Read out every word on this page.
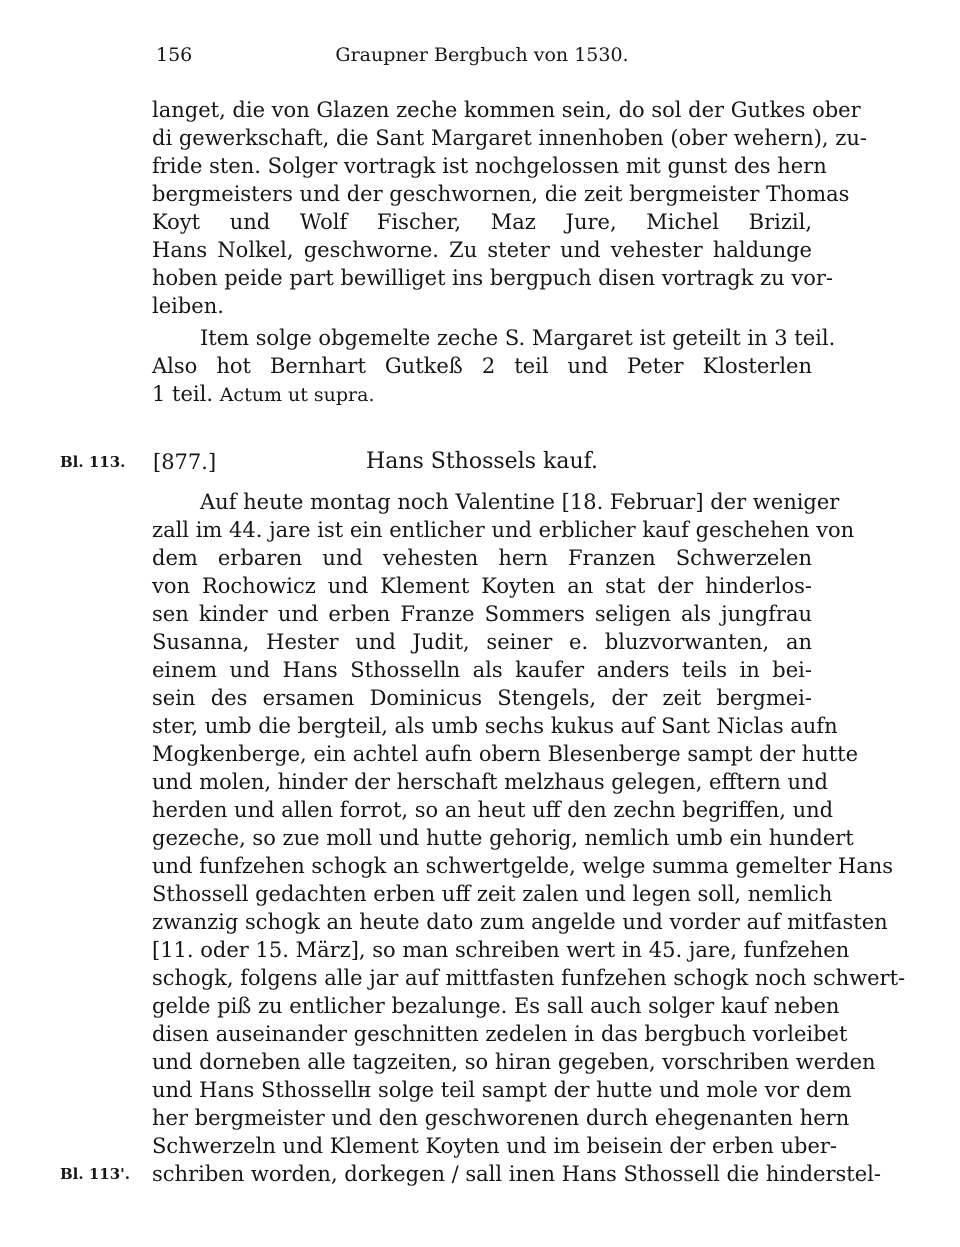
156	Graupner Bergbuch von 1530.
langet, die von Glazen zeche kommen sein, do sol der Gutkes ober
di gewerkschaft, die Sant Margaret innenhoben (ober wehern), zu-
fride sten. Solger vortragk ist nochgelossen mit gunst des hern
bergmeisters und der geschwornen, die zeit bergmeister Thomas
Koyt und Wolf Fischer, Maz Jure, Michel Brizil,
Hans Nolkel, geschworne. Zu steter und vehester haldunge
hoben peide part bewilliget ins bergpuch disen vortragk zu vor-
leiben.
Item solge obgemelte zeche S. Margaret ist geteilt in 3 teil.
Also hot Bernhart Gutkeß 2 teil und Peter Klosterlen
1 teil. Actum ut supra.
Bl. 113.	[877.]	Hans Sthossels kauf.
Auf heute montag noch Valentine [18. Februar] der weniger
zall im 44. jare ist ein entlicher und erblicher kauf geschehen von
dem erbaren und vehesten hern Franzen Schwerzelen
von Rochowicz und Klement Koyten an stat der hinderlos-
sen kinder und erben Franze Sommers seligen als jungfrau
Susanna, Hester und Judit, seiner e. bluzvorwanten, an
einem und Hans Sthosselln als kaufer anders teils in bei-
sein des ersamen Dominicus Stengels, der zeit bergmei-
ster, umb die bergteil, als umb sechs kukus auf Sant Niclas aufn
Mogkenberge, ein achtel aufn obern Blesenberge sampt der hutte
und molen, hinder der herschaft melzhaus gelegen, efftern und
herden und allen forrot, so an heut uff den zechn begriffen, und
gezeche, so zue moll und hutte gehorig, nemlich umb ein hundert
und funfzehen schogk an schwertgelde, welge summa gemelter Hans
Sthossell gedachten erben uff zeit zalen und legen soll, nemlich
zwanzig schogk an heute dato zum angelde und vorder auf mitfasten
[11. oder 15. März], so man schreiben wert in 45. jare, funfzehen
schogk, folgens alle jar auf mittfasten funfzehen schogk noch schwert-
gelde piß zu entlicher bezalunge. Es sall auch solger kauf neben
disen auseinander geschnitten zedelen in das bergbuch vorleibet
und dorneben alle tagzeiten, so hiran gegeben, vorschriben werden
und Hans Sthossellн solge teil sampt der hutte und mole vor dem
her bergmeister und den geschworenen durch ehegenanten hern
Schwerzeln und Klement Koyten und im beisein der erben uber-
Bl. 113'.	schriben worden, dorkegen / sall inen Hans Sthossell die hinderstel-
